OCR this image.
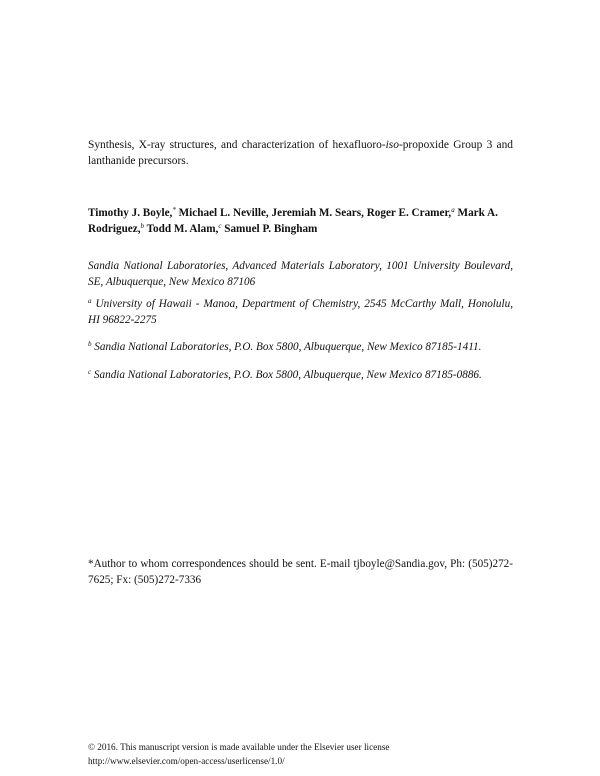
Synthesis, X-ray structures, and characterization of hexafluoro-iso-propoxide Group 3 and lanthanide precursors.
Timothy J. Boyle,* Michael L. Neville, Jeremiah M. Sears, Roger E. Cramer,$^a$ Mark A. Rodriguez,$^b$ Todd M. Alam,$^c$ Samuel P. Bingham
Sandia National Laboratories, Advanced Materials Laboratory, 1001 University Boulevard, SE, Albuquerque, New Mexico 87106
$^a$ University of Hawaii - Manoa, Department of Chemistry, 2545 McCarthy Mall, Honolulu, HI 96822-2275
$^b$ Sandia National Laboratories, P.O. Box 5800, Albuquerque, New Mexico 87185-1411.
$^c$ Sandia National Laboratories, P.O. Box 5800, Albuquerque, New Mexico 87185-0886.
*Author to whom correspondences should be sent. E-mail tjboyle@Sandia.gov, Ph: (505)272-7625; Fx: (505)272-7336
© 2016. This manuscript version is made available under the Elsevier user license
http://www.elsevier.com/open-access/userlicense/1.0/
